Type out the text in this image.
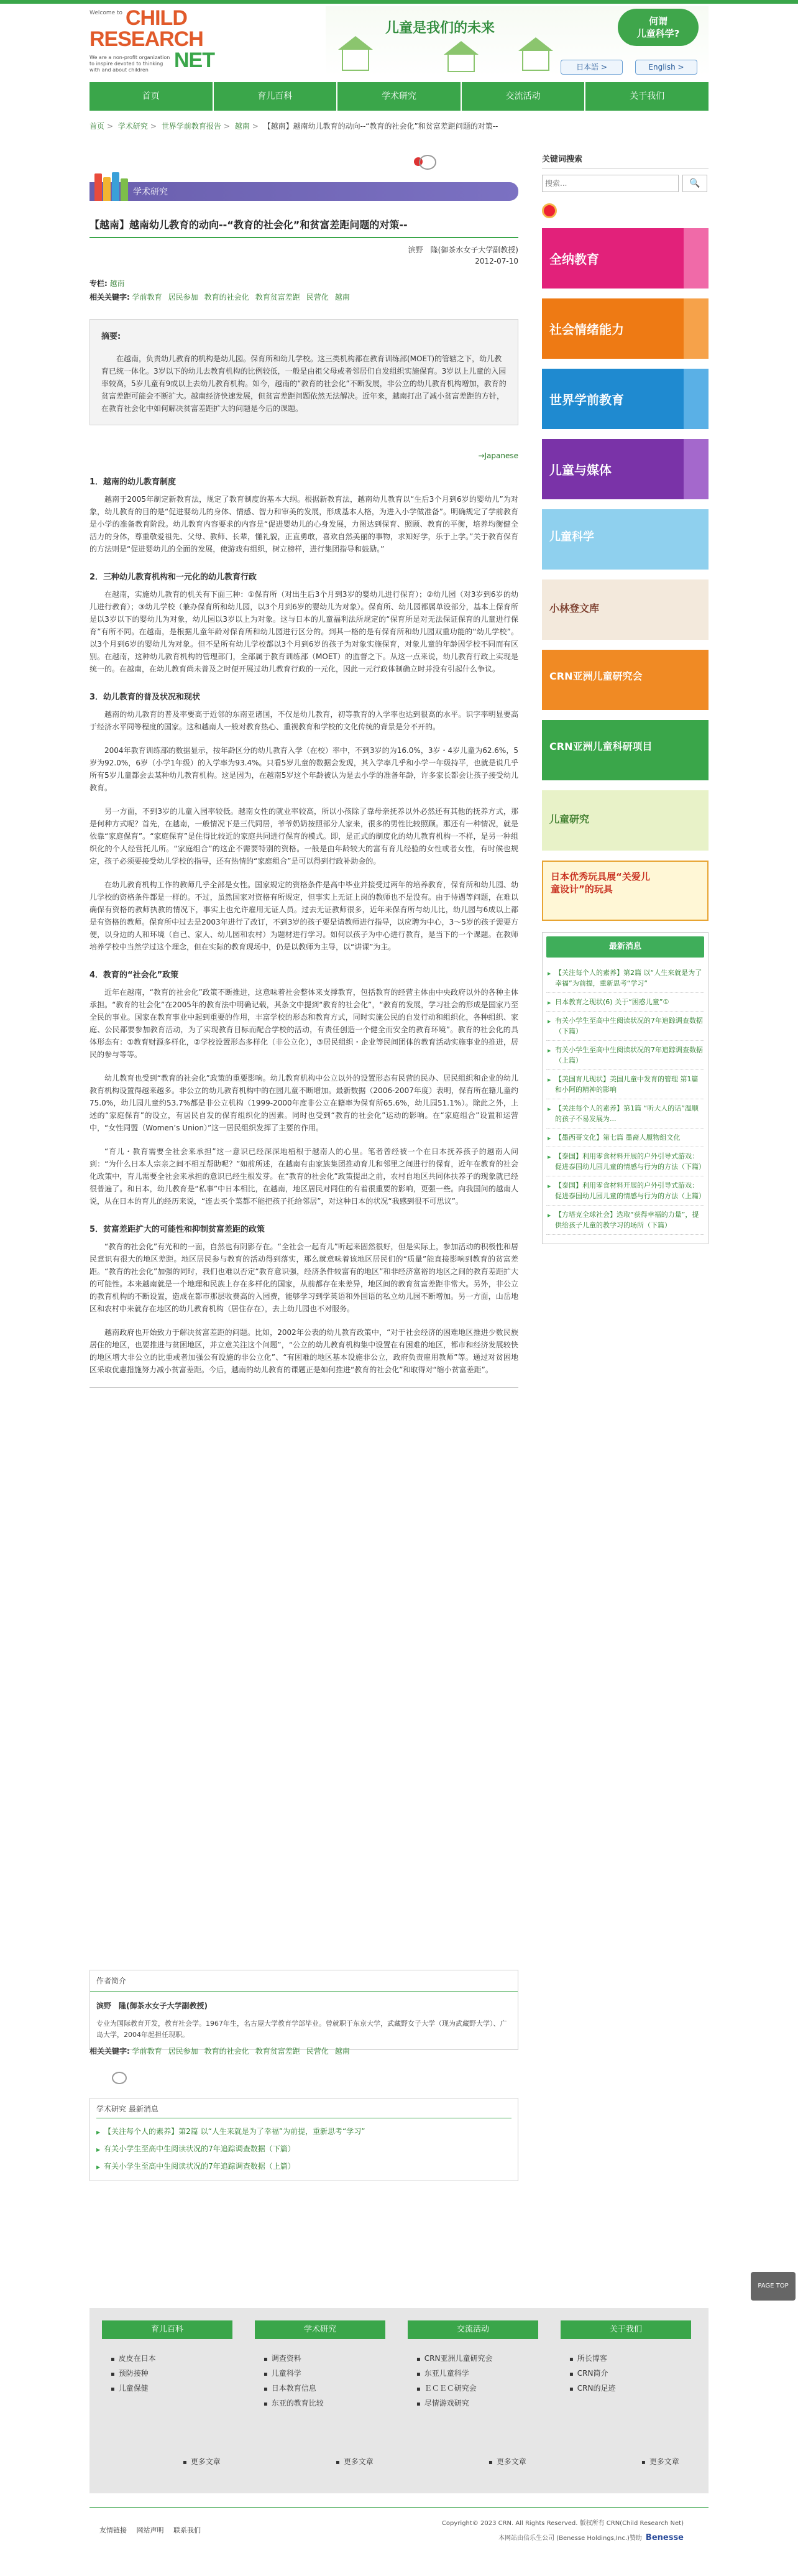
Welcome to CHILD
RESEARCH
NET
We are a non-profit organization to inspire devoted to thinking with and about children
儿童是我们的未来	何谓
儿童科学?
日本語 >	English >
首页	育儿百科	学术研究	交流活动	关于我们
首页 > 学术研究 > 世界学前教育报告 > 越南 > 【越南】越南幼儿教育的动向--“教育的社会化”和贫富差距问题的对策--
学术研究
【越南】越南幼儿教育的动向--“教育的社会化”和贫富差距问题的对策--
滨野　隆(御茶水女子大学副教授)
2012-07-10
专栏: 越南
相关关键字: 学前教育 居民参加 教育的社会化 教育贫富差距 民营化 越南
摘要:

在越南，负责幼儿教育的机构是幼儿园。保育所和幼儿学校。这三类机构都在教育训练部(MOET)的管辖之下，幼儿教育已统一体化。3岁以下的幼儿去教育机构的比例较低，一般是由祖父母或者邻居们自发组织实施保育。3岁以上儿童的入园率较高，5岁儿童有9成以上去幼儿教育机构。如今，越南的“教育的社会化”不断发展，非公立的幼儿教育机构增加，教育的贫富差距可能会不断扩大。越南经济快速发展，但贫富差距问题依然无法解决。近年来，越南打出了减小贫富差距的方针，在教育社会化中如何解决贫富差距扩大的问题是今后的课题。

→Japanese
1．越南的幼儿教育制度

越南于2005年制定新教育法，规定了教育制度的基本大纲。根据新教育法，越南幼儿教育以“生后3个月到6岁的婴幼儿”为对象，幼儿教育的目的是“促进婴幼儿的身体、情感、智力和审美的发展，形成基本人格，为进入小学做准备”。明确规定了学前教育是小学的准备教育阶段。幼儿教育内容要求的内容是“促进婴幼儿的心身发展，力图达到保育、照顾、教育的平衡，培养均衡健全活力的身体，尊重敬爱祖先、父母、教师、长辈，懂礼貌，正直勇敢，喜欢自然美丽的事物，求知好学，乐于上学。”关于教育保育的方法则是“促进婴幼儿的全面的发展，使游戏有组织，树立榜样，进行集团指导和鼓励。”

2．三种幼儿教育机构和一元化的幼儿教育行政

在越南，实施幼儿教育的机关有下面三种：①保育所（对出生后3个月到3岁的婴幼儿进行保育）；②幼儿园（对3岁到6岁的幼儿进行教育）；③幼儿学校（兼办保育所和幼儿园，以3个月到6岁的婴幼儿为对象）。保育所、幼儿园都属单设部分，基本上保育所是以3岁以下的婴幼儿为对象，幼儿园以3岁以上为对象。这与日本的儿童福利法所规定的“保育所是对无法保证保育的儿童进行保育”有所不同。在越南，是根据儿童年龄对保育所和幼儿园进行区分的。到其一格的是有保育所和幼儿园双重功能的“幼儿学校”。以3个月到6岁的婴幼儿为对象。但不是所有幼儿学校都以3个月到6岁的孩子为对象实施保育，对象儿童的年龄因学校不同而有区别。在越南，这种幼儿教育机构的管理部门，全部属于教育训练部（MOET）的监督之下。从这一点来说，幼儿教育行政上实现是统一的。在越南，在幼儿教育尚未普及之时便开展过幼儿教育行政的一元化，因此一元行政体制确立时并没有引起什么争议。

3．幼儿教育的普及状况和现状

越南的幼儿教育的普及率要高于近邻的东南亚诸国，不仅是幼儿教育，初等教育的入学率也达到很高的水平。识字率明显要高于经济水平同等程度的国家。这和越南人一般对教育热心、重视教育和学校的文化传统的背景是分不开的。

2004年教育训练部的数据显示，按年龄区分的幼儿教育入学（在校）率中，不到3岁的为16.0%，3岁・4岁儿童为62.6%，5岁为92.0%，6岁（小学1年级）的入学率为93.4%。只看5岁儿童的数据会发现，其入学率几乎和小学一年级持平，也就是说几乎所有5岁儿童都会去某种幼儿教育机构。这是因为，在越南5岁这个年龄被认为是去小学的准备年龄，许多家长都会让孩子接受幼儿教育。

另一方面，不到3岁的儿童入园率较低。越南女性的就业率较高，所以小孩除了靠母亲抚养以外必然还有其他的抚养方式，那是何种方式呢？首先，在越南，一般情况下是三代同居，爷爷奶奶按照部分人家来，很多的男性比较照顾。那还有一种情况，就是依靠“家庭保育”。“家庭保育”是住得比较近的家庭共同进行保育的模式。即，是正式的制度化的幼儿教育机构一不样，是另一种组织化的个人经营托儿所。“家庭组合”的这企不需要特别的资格。一般是由年龄较大的富有育儿经验的女性或者女性，有时候也规定，孩子必须要接受幼儿学校的指导，还有热情的“家庭组合”是可以得到行政补助金的。

在幼儿教育机构工作的教师几乎全部是女性。国家规定的资格条件是高中毕业并接受过两年的培养教育，保育所和幼儿园、幼儿学校的资格条件都是一样的。不过，虽然国家对资格有所规定，但事实上无证上岗的教师也不是没有。由于待遇等问题，在难以确保有资格的教师执教的情况下，事实上也允许雇用无证人员。过去无证教师很多，近年来保育所与幼儿比，幼儿园与6成以上都是有资格的教师。保育所中过去是2003年进行了改订，不到3岁的孩子要是请教师进行指导，以应聘为中心，3〜5岁的孩子需要方便，以身边的人和环境（自己、家人、幼儿园和农村）为题材进行学习。如何以孩子为中心进行教育，是当下的一个课题。在教师培养学校中当然学过这个理念，但在实际的教育现场中，仍是以教师为主导，以“讲课”为主。

4．教育的“社会化”政策

近年在越南，“教育的社会化”政策不断推进，这意味着社会整体来支撑教育，包括教育的经营主体由中央政府以外的各种主体承担。“教育的社会化”在2005年的教育法中明确记载，其条文中提到“教育的社会化”，“教育的发展，学习社会的形成是国家乃至全民的事业。国家在教育事业中起到重要的作用，丰富学校的形态和教育方式，同时实施公民的自发行动和组织化，各种组织、家庭、公民都要参加教育活动，为了实现教育目标而配合学校的活动，有责任创造一个健全而安全的教育环境”。教育的社会化的具体形态有：①教育财源多样化，②学校设置形态多样化（非公立化），③居民组织・企业等民间团体的教育活动实施事业的推进，居民的参与等等。

幼儿教育也受到“教育的社会化”政策的重要影响。幼儿教育机构中公立以外的设置形态有民营的民办、居民组织和企业的幼儿教育机构设置得越来越多。非公立的幼儿教育机构中的在园儿童不断增加。最新数据（2006-2007年度）表明，保育所在籍儿童约75.0%，幼儿园儿童约53.7%都是非公立机构（1999-2000年度非公立在籍率为保育所65.6%，幼儿园51.1%）。除此之外，上述的“家庭保育”的设立，有居民自发的保育组织化的因素。同时也受到“教育的社会化”运动的影响。在“家庭组合”设置和运营中，“女性同盟（Women’s Union）”这一居民组织发挥了主要的作用。

“育儿・教育需要全社会来承担”这一意识已经深深地植根于越南人的心里。笔者曾经被一个在日本抚养孩子的越南人问到：“为什么日本人宗亲之间不相互帮助呢？”如前所述，在越南有由家族集团推动育儿和邻里之间进行的保育，近年在教育的社会化政策中，育儿需要全社会来承担的意识已经生根发芽。在“教育的社会化”政策提出之前，农村自地区共同体扶养子的现象就已经很普遍了。和日本，幼儿教育是“私事”中日本相比，在越南，地区居民对同住的有着很重要的影响，更强一些。向我国问的越南人说，从在日本的育儿的经历来说，“连去买个菜都不能把孩子托给邻居”，对这种日本的状况“我感到很不可思议”。

5．贫富差距扩大的可能性和抑制贫富差距的政策

“教育的社会化”有光和的一面，自然也有阴影存在。“全社会一起育儿”听起来固然很好，但是实际上，参加活动的积极性和居民意识有很大的地区差距。地区居民参与教育的活动得到落实，那么就意味着该地区居民们的“质量”能直接影响到教育的贫富差距。“教育的社会化”加强的同时，我们也难以否定“教育意识强，经济条件较富有的地区”和非经济富裕的地区之间的教育差距扩大的可能性。本来越南就是一个地理和民族上存在多样化的国家，从前都存在来差异，地区间的教育贫富差距非常大。另外，非公立的教育机构的不断设置，造成在都市那层收费高的入园费，能够学习到学英语和外国语的私立幼儿园不断增加。另一方面，山岳地区和农村中来就存在地区的幼儿教育机构（居住存在），去上幼儿园也不对服务。

越南政府也开始致力于解决贫富差距的问题。比如，2002年公表的幼儿教育政策中，“对于社会经济的困难地区推进少数民族居住的地区，也要推进与贫困地区，并立意关注这个问题”，“公立的幼儿教育机构集中设置在有困难的地区，都市和经济发展较快的地区增大非公立的比重或者加强公有设施的非公立化”、“有困难的地区基本设施非公立，政府负责雇用教师”等。通过对贫困地区采取优惠措施努力减小贫富差距。今后，越南的幼儿教育的课题正是如何推进“教育的社会化”和取得对“缩小贫富差距”。

作者简介
滨野　隆(御茶水女子大学副教授)
专业为国际教育开发，教育社会学。1967年生，名古屋大学教育学部毕业。曾就职于东京大学，武藏野女子大学（现为武藏野大学）、广岛大学，2004年起担任现职。
相关关键字: 学前教育 居民参加 教育的社会化 教育贫富差距 民营化 越南
学术研究 最新消息
▶ 【关注每个人的素养】第2篇 以“人生来就是为了幸福”为前提，重新思考“学习”
▶ 有关小学生至高中生阅读状况的7年追踪调查数据（下篇）
▶ 有关小学生至高中生阅读状况的7年追踪调查数据（上篇）
关键词搜索
搜索...
🔍
全纳教育
社会情绪能力
世界学前教育
儿童与媒体
儿童科学
小林登文库
CRN亚洲儿童研究会
CRN亚洲儿童科研项目
儿童研究
日本优秀玩具展“关爱儿童设计”的玩具
最新消息
▶ 【关注每个人的素养】第2篇 以“人生来就是为了幸福”为前提，重新思考“学习”
▶ 日本教育之现状(6) 关于“困惑儿童”①
▶ 有关小学生至高中生阅读状况的7年追踪调查数据（下篇）
▶ 有关小学生至高中生阅读状况的7年追踪调查数据（上篇）
▶ 【美国育儿现状】美国儿童中发育的管理 第1篇 和小阿的精神的影响
▶ 【关注每个人的素养】第1篇 “听大人的话”温顺的孩子不易发展为...
▶ 【墨西哥文化】第七篇 墨裔人履物组文化
▶ 【泰国】利用零食材料开展的户外引导式游戏：促进泰国幼儿园儿童的情感与行为的方法（下篇）
▶ 【泰国】利用零食材料开展的户外引导式游戏：促进泰国幼儿园儿童的情感与行为的方法（上篇）
▶ 【方塔克全球社会】选取“获得幸福的力量”，提供给孩子儿童的教学习的场所（下篇）
PAGE TOP
育儿百科
▪ 皮皮在日本
▪ 预防接种
▪ 儿童保健
学术研究
▪ 调查资料
▪ 儿童科学
▪ 日本教育信息
▪ 东亚的教育比较
交流活动
▪ CRN亚洲儿童研究会
▪ 东亚儿童科学
▪ ＥＣＥＣ研究会
▪ 尽情游戏研究
关于我们
▪ 所长博客
▪ CRN简介
▪ CRN的足迹
▪ 更多文章	▪ 更多文章	▪ 更多文章	▪ 更多文章
友情链接 网站声明 联系我们
Copyright© 2023 CRN. All Rights Reserved. 版权所有 CRN(Child Research Net)
本网站由倍乐生公司 (Benesse Holdings,Inc.)赞助 Benesse
